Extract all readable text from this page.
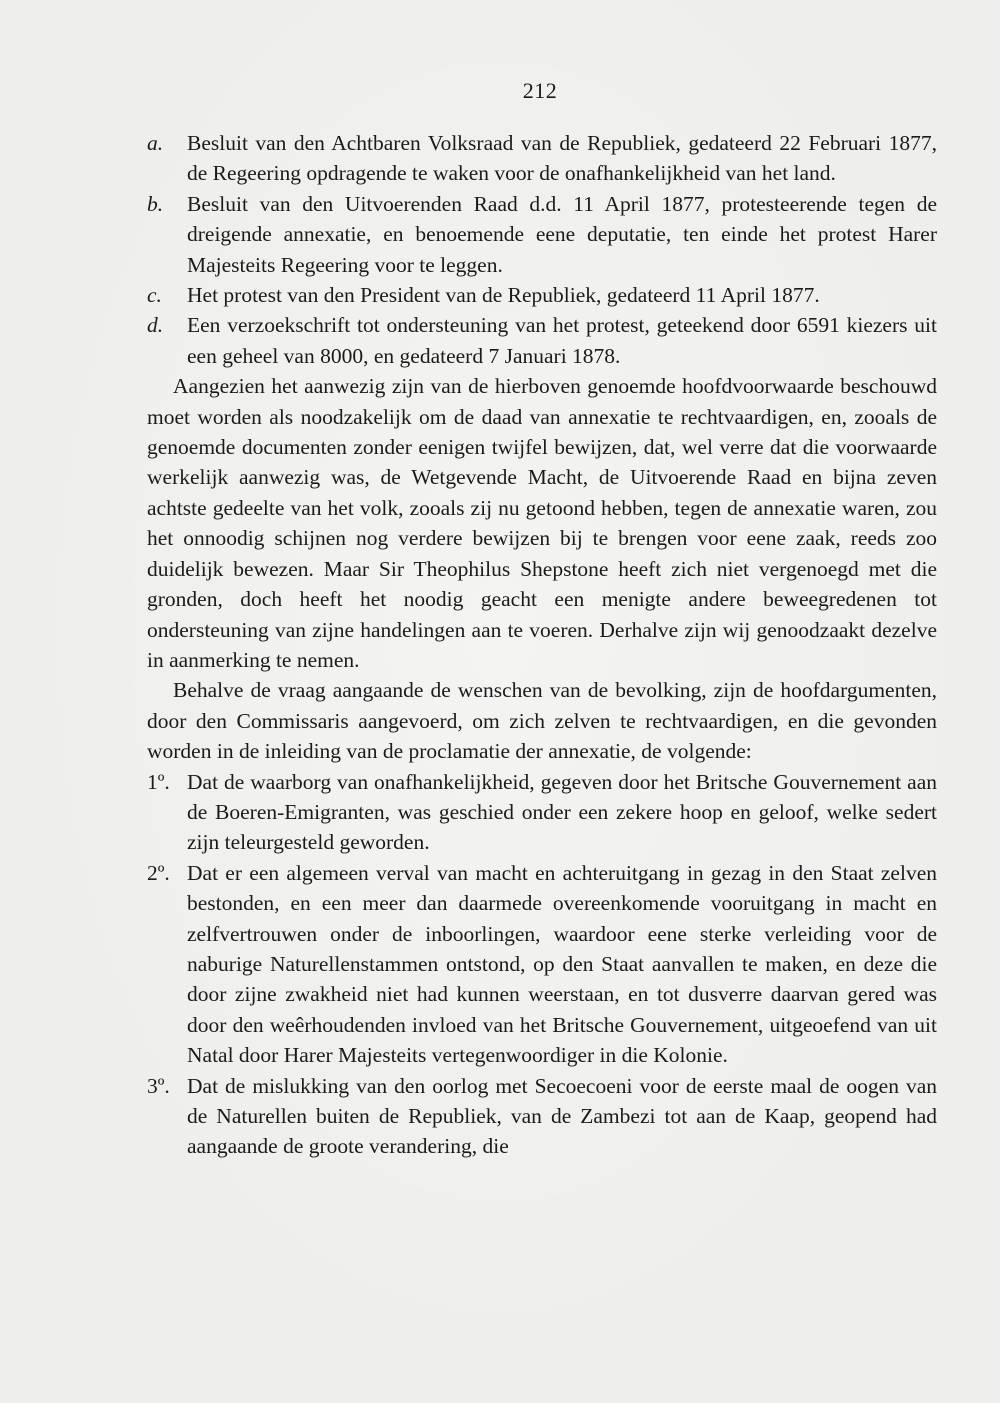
212
a.	Besluit van den Achtbaren Volksraad van de Republiek, gedateerd 22 Februari 1877, de Regeering opdragende te waken voor de onafhankelijkheid van het land.
b.	Besluit van den Uitvoerenden Raad d.d. 11 April 1877, protesteerende tegen de dreigende annexatie, en benoemende eene deputatie, ten einde het protest Harer Majesteits Regeering voor te leggen.
c.	Het protest van den President van de Republiek, gedateerd 11 April 1877.
d.	Een verzoekschrift tot ondersteuning van het protest, geteekend door 6591 kiezers uit een geheel van 8000, en gedateerd 7 Januari 1878.
Aangezien het aanwezig zijn van de hierboven genoemde hoofdvoorwaarde beschouwd moet worden als noodzakelijk om de daad van annexatie te rechtvaardigen, en, zooals de genoemde documenten zonder eenigen twijfel bewijzen, dat, wel verre dat die voorwaarde werkelijk aanwezig was, de Wetgevende Macht, de Uitvoerende Raad en bijna zeven achtste gedeelte van het volk, zooals zij nu getoond hebben, tegen de annexatie waren, zou het onnoodig schijnen nog verdere bewijzen bij te brengen voor eene zaak, reeds zoo duidelijk bewezen. Maar Sir Theophilus Shepstone heeft zich niet vergenoegd met die gronden, doch heeft het noodig geacht een menigte andere beweegredenen tot ondersteuning van zijne handelingen aan te voeren. Derhalve zijn wij genoodzaakt dezelve in aanmerking te nemen.
Behalve de vraag aangaande de wenschen van de bevolking, zijn de hoofdargumenten, door den Commissaris aangevoerd, om zich zelven te rechtvaardigen, en die gevonden worden in de inleiding van de proclamatie der annexatie, de volgende:
1º. Dat de waarborg van onafhankelijkheid, gegeven door het Britsche Gouvernement aan de Boeren-Emigranten, was geschied onder een zekere hoop en geloof, welke sedert zijn teleurgesteld geworden.
2º. Dat er een algemeen verval van macht en achteruitgang in gezag in den Staat zelven bestonden, en een meer dan daarmede overeenkomende vooruitgang in macht en zelfvertrouwen onder de inboorlingen, waardoor eene sterke verleiding voor de naburige Naturellenstammen ontstond, op den Staat aanvallen te maken, en deze die door zijne zwakheid niet had kunnen weerstaan, en tot dusverre daarvan gered was door den weêrhoudenden invloed van het Britsche Gouvernement, uitgeoefend van uit Natal door Harer Majesteits vertegenwoordiger in die Kolonie.
3º. Dat de mislukking van den oorlog met Secoecoeni voor de eerste maal de oogen van de Naturellen buiten de Republiek, van de Zambezi tot aan de Kaap, geopend had aangaande de groote verandering, die
